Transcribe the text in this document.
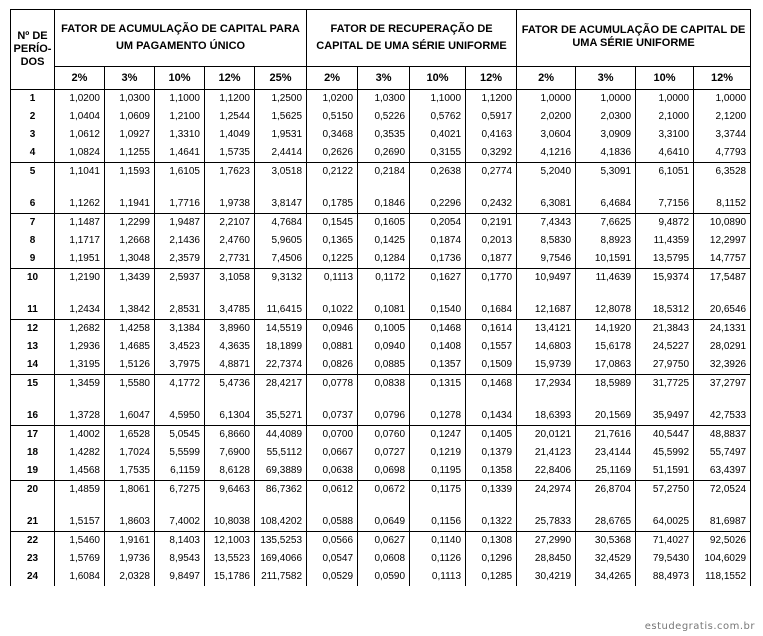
Nº DE
PERÍO-
DOS	FATOR DE ACUMULAÇÃO DE CAPITAL PARA UM PAGAMENTO ÚNICO					FATOR DE RECUPERAÇÃO DE CAPITAL DE UMA SÉRIE UNIFORME				FATOR DE ACUMULAÇÃO DE CAPITAL DE UMA SÉRIE UNIFORME			
	2%	3%	10%	12%	25%	2%	3%	10%	12%	2%	3%	10%	12%
1	1,0200	1,0300	1,1000	1,1200	1,2500	1,0200	1,0300	1,1000	1,1200	1,0000	1,0000	1,0000	1,0000
2	1,0404	1,0609	1,2100	1,2544	1,5625	0,5150	0,5226	0,5762	0,5917	2,0200	2,0300	2,1000	2,1200
3	1,0612	1,0927	1,3310	1,4049	1,9531	0,3468	0,3535	0,4021	0,4163	3,0604	3,0909	3,3100	3,3744
4	1,0824	1,1255	1,4641	1,5735	2,4414	0,2626	0,2690	0,3155	0,3292	4,1216	4,1836	4,6410	4,7793
5	1,1041	1,1593	1,6105	1,7623	3,0518	0,2122	0,2184	0,2638	0,2774	5,2040	5,3091	6,1051	6,3528

6	1,1262	1,1941	1,7716	1,9738	3,8147	0,1785	0,1846	0,2296	0,2432	6,3081	6,4684	7,7156	8,1152
7	1,1487	1,2299	1,9487	2,2107	4,7684	0,1545	0,1605	0,2054	0,2191	7,4343	7,6625	9,4872	10,0890
8	1,1717	1,2668	2,1436	2,4760	5,9605	0,1365	0,1425	0,1874	0,2013	8,5830	8,8923	11,4359	12,2997
9	1,1951	1,3048	2,3579	2,7731	7,4506	0,1225	0,1284	0,1736	0,1877	9,7546	10,1591	13,5795	14,7757
10	1,2190	1,3439	2,5937	3,1058	9,3132	0,1113	0,1172	0,1627	0,1770	10,9497	11,4639	15,9374	17,5487

11	1,2434	1,3842	2,8531	3,4785	11,6415	0,1022	0,1081	0,1540	0,1684	12,1687	12,8078	18,5312	20,6546
12	1,2682	1,4258	3,1384	3,8960	14,5519	0,0946	0,1005	0,1468	0,1614	13,4121	14,1920	21,3843	24,1331
13	1,2936	1,4685	3,4523	4,3635	18,1899	0,0881	0,0940	0,1408	0,1557	14,6803	15,6178	24,5227	28,0291
14	1,3195	1,5126	3,7975	4,8871	22,7374	0,0826	0,0885	0,1357	0,1509	15,9739	17,0863	27,9750	32,3926
15	1,3459	1,5580	4,1772	5,4736	28,4217	0,0778	0,0838	0,1315	0,1468	17,2934	18,5989	31,7725	37,2797

16	1,3728	1,6047	4,5950	6,1304	35,5271	0,0737	0,0796	0,1278	0,1434	18,6393	20,1569	35,9497	42,7533
17	1,4002	1,6528	5,0545	6,8660	44,4089	0,0700	0,0760	0,1247	0,1405	20,0121	21,7616	40,5447	48,8837
18	1,4282	1,7024	5,5599	7,6900	55,5112	0,0667	0,0727	0,1219	0,1379	21,4123	23,4144	45,5992	55,7497
19	1,4568	1,7535	6,1159	8,6128	69,3889	0,0638	0,0698	0,1195	0,1358	22,8406	25,1169	51,1591	63,4397
20	1,4859	1,8061	6,7275	9,6463	86,7362	0,0612	0,0672	0,1175	0,1339	24,2974	26,8704	57,2750	72,0524

21	1,5157	1,8603	7,4002	10,8038	108,4202	0,0588	0,0649	0,1156	0,1322	25,7833	28,6765	64,0025	81,6987
22	1,5460	1,9161	8,1403	12,1003	135,5253	0,0566	0,0627	0,1140	0,1308	27,2990	30,5368	71,4027	92,5026
23	1,5769	1,9736	8,9543	13,5523	169,4066	0,0547	0,0608	0,1126	0,1296	28,8450	32,4529	79,5430	104,6029
24	1,6084	2,0328	9,8497	15,1786	211,7582	0,0529	0,0590	0,1113	0,1285	30,4219	34,4265	88,4973	118,1552
estudegratis.com.br
